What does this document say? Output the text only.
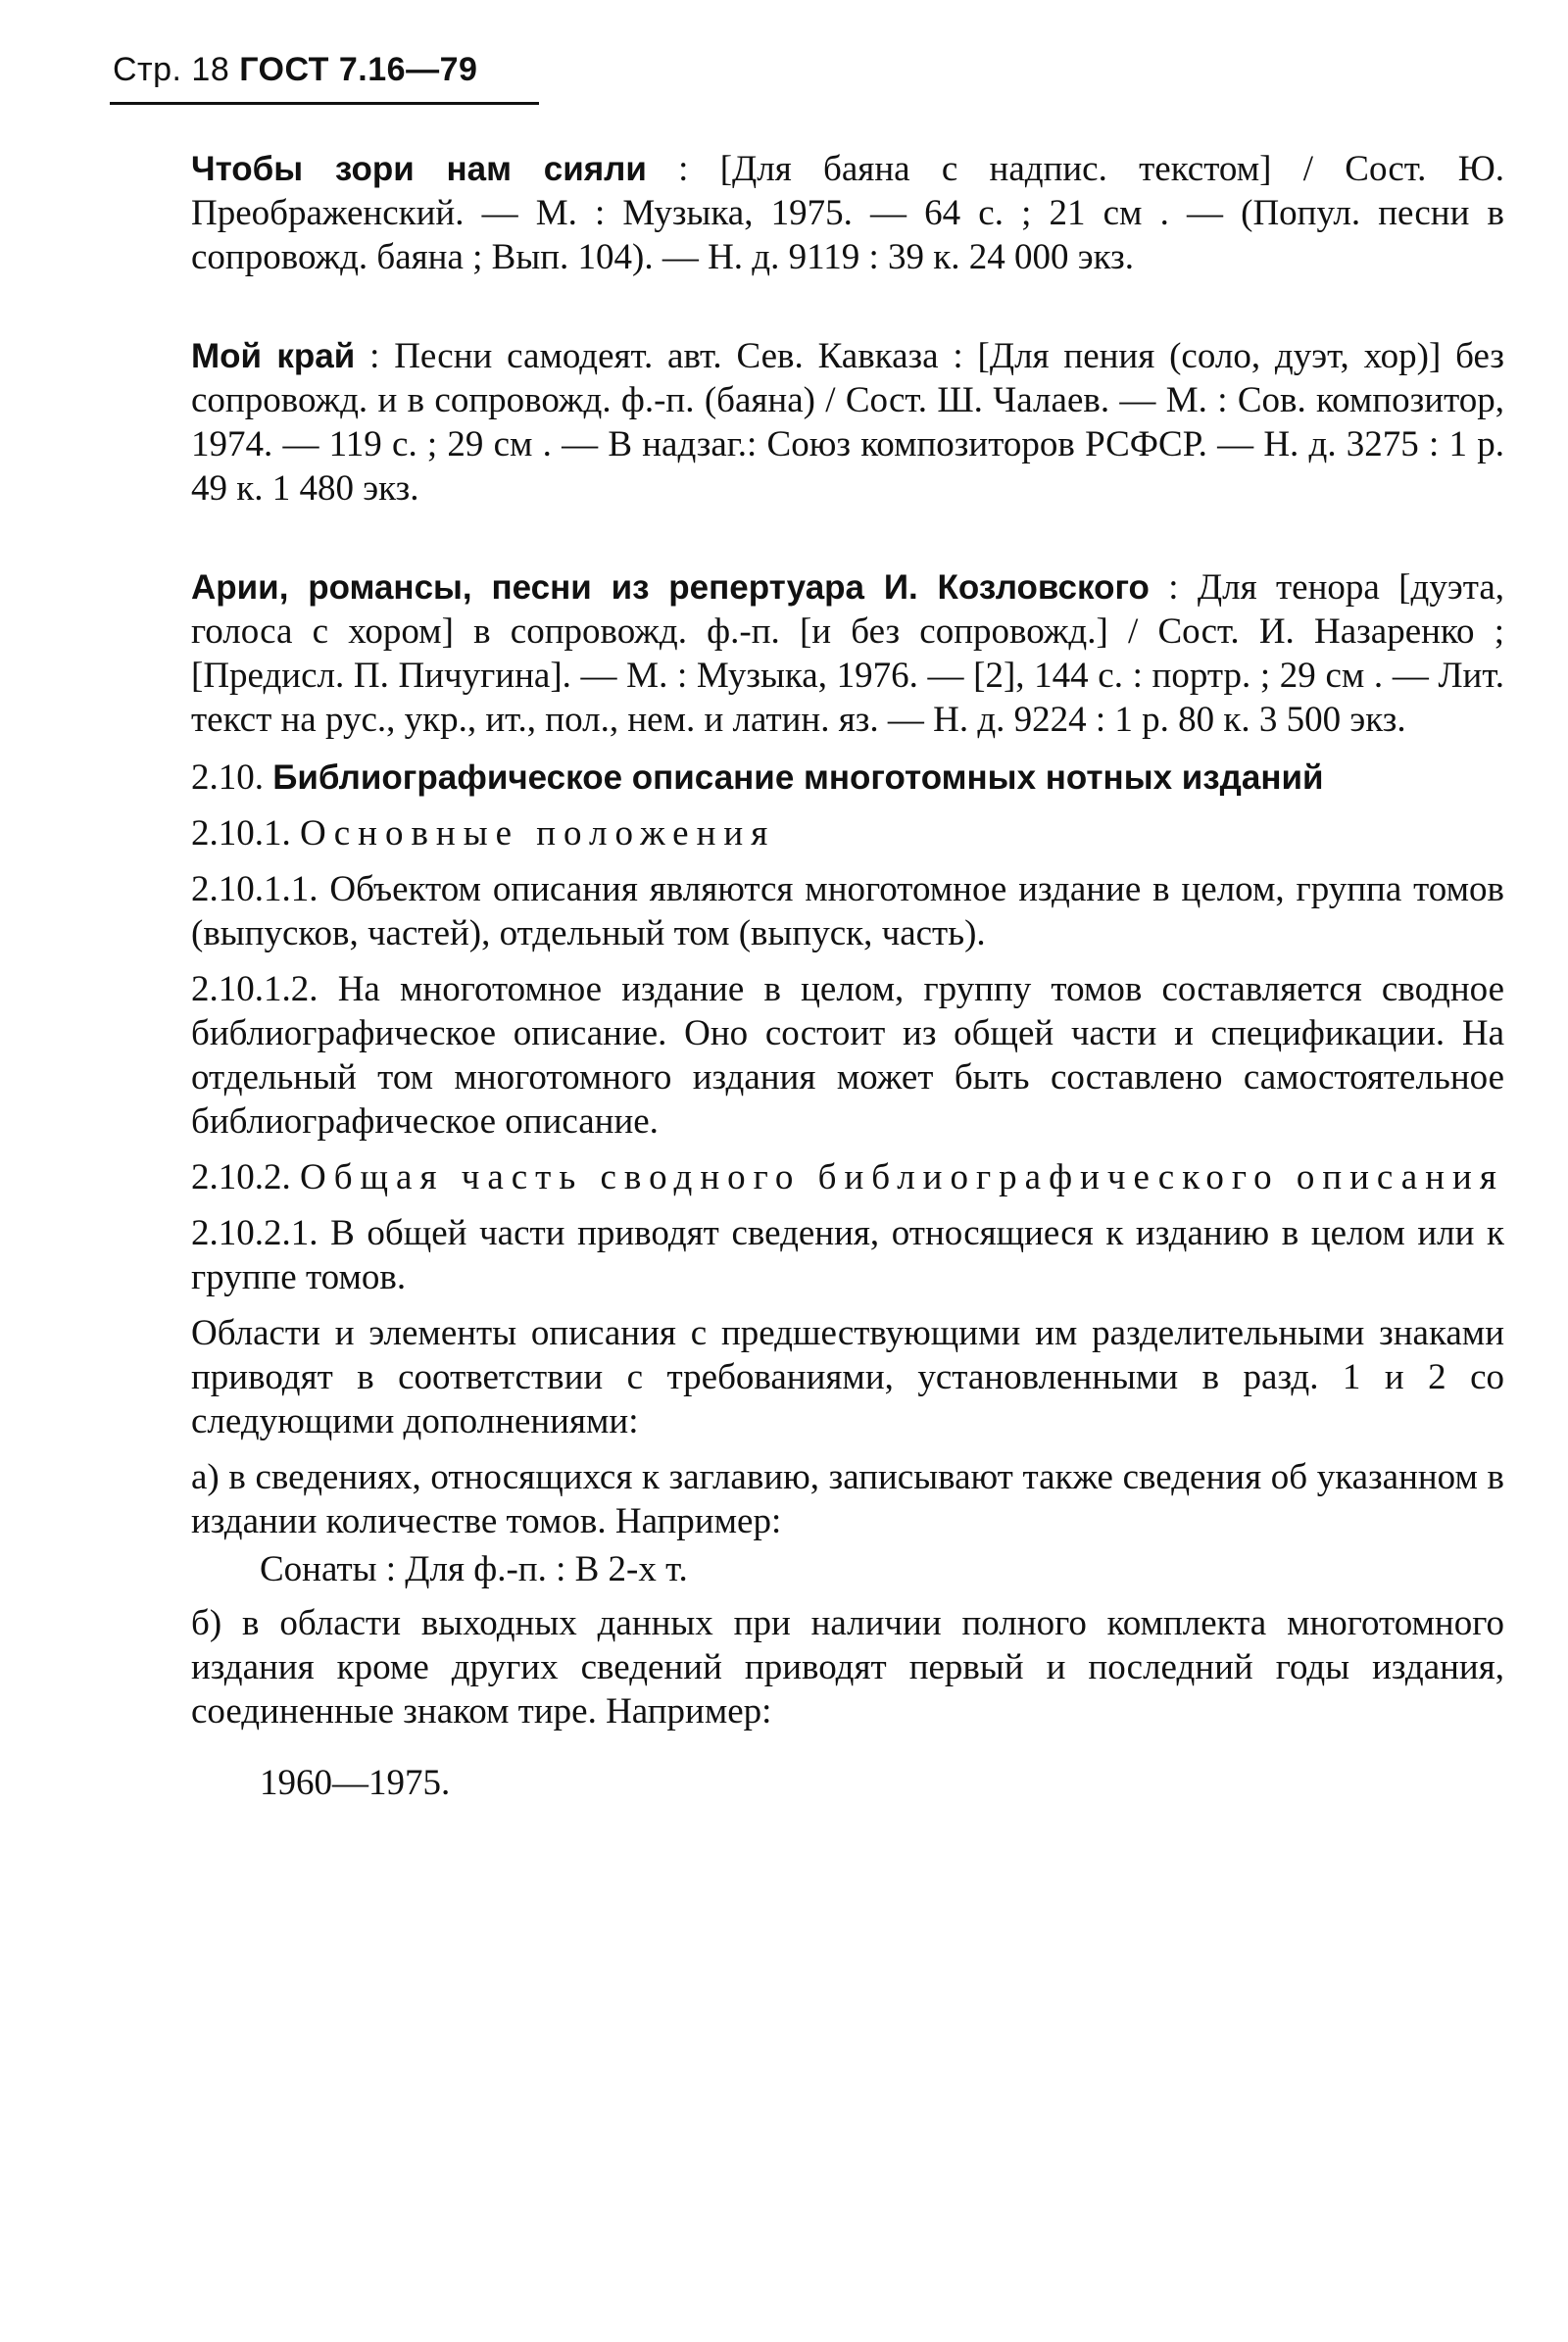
Стр. 18 ГОСТ 7.16—79

Чтобы зори нам сияли : [Для баяна с надпис. текстом] / Сост. Ю. Преображенский. — М. : Музыка, 1975. — 64 с. ; 21 см . — (Попул. песни в сопровожд. баяна ; Вып. 104). — Н. д. 9119 : 39 к. 24 000 экз.

Мой край : Песни самодеят. авт. Сев. Кавказа : [Для пения (соло, дуэт, хор)] без сопровожд. и в сопровожд. ф.-п. (баяна) / Сост. Ш. Чалаев. — М. : Сов. композитор, 1974. — 119 с. ; 29 см . — В надзаг.: Союз композиторов РСФСР. — Н. д. 3275 : 1 р. 49 к. 1 480 экз.

Арии, романсы, песни из репертуара И. Козловского : Для тенора [дуэта, голоса с хором] в сопровожд. ф.-п. [и без сопровожд.] / Сост. И. Назаренко ; [Предисл. П. Пичугина]. — М. : Музыка, 1976. — [2], 144 с. : портр. ; 29 см . — Лит. текст на рус., укр., ит., пол., нем. и латин. яз. — Н. д. 9224 : 1 р. 80 к. 3 500 экз.

2.10. Библиографическое описание многотомных нотных изданий

2.10.1. Основные положения

2.10.1.1. Объектом описания являются многотомное издание в целом, группа томов (выпусков, частей), отдельный том (выпуск, часть).

2.10.1.2. На многотомное издание в целом, группу томов составляется сводное библиографическое описание. Оно состоит из общей части и спецификации. На отдельный том многотомного издания может быть составлено самостоятельное библиографическое описание.

2.10.2. Общая часть сводного библиографического описания

2.10.2.1. В общей части приводят сведения, относящиеся к изданию в целом или к группе томов.

Области и элементы описания с предшествующими им разделительными знаками приводят в соответствии с требованиями, установленными в разд. 1 и 2 со следующими дополнениями:

а) в сведениях, относящихся к заглавию, записывают также сведения об указанном в издании количестве томов. Например:

Сонаты : Для ф.-п. : В 2-х т.

б) в области выходных данных при наличии полного комплекта многотомного издания кроме других сведений приводят первый и последний годы издания, соединенные знаком тире. Например:

1960—1975.
